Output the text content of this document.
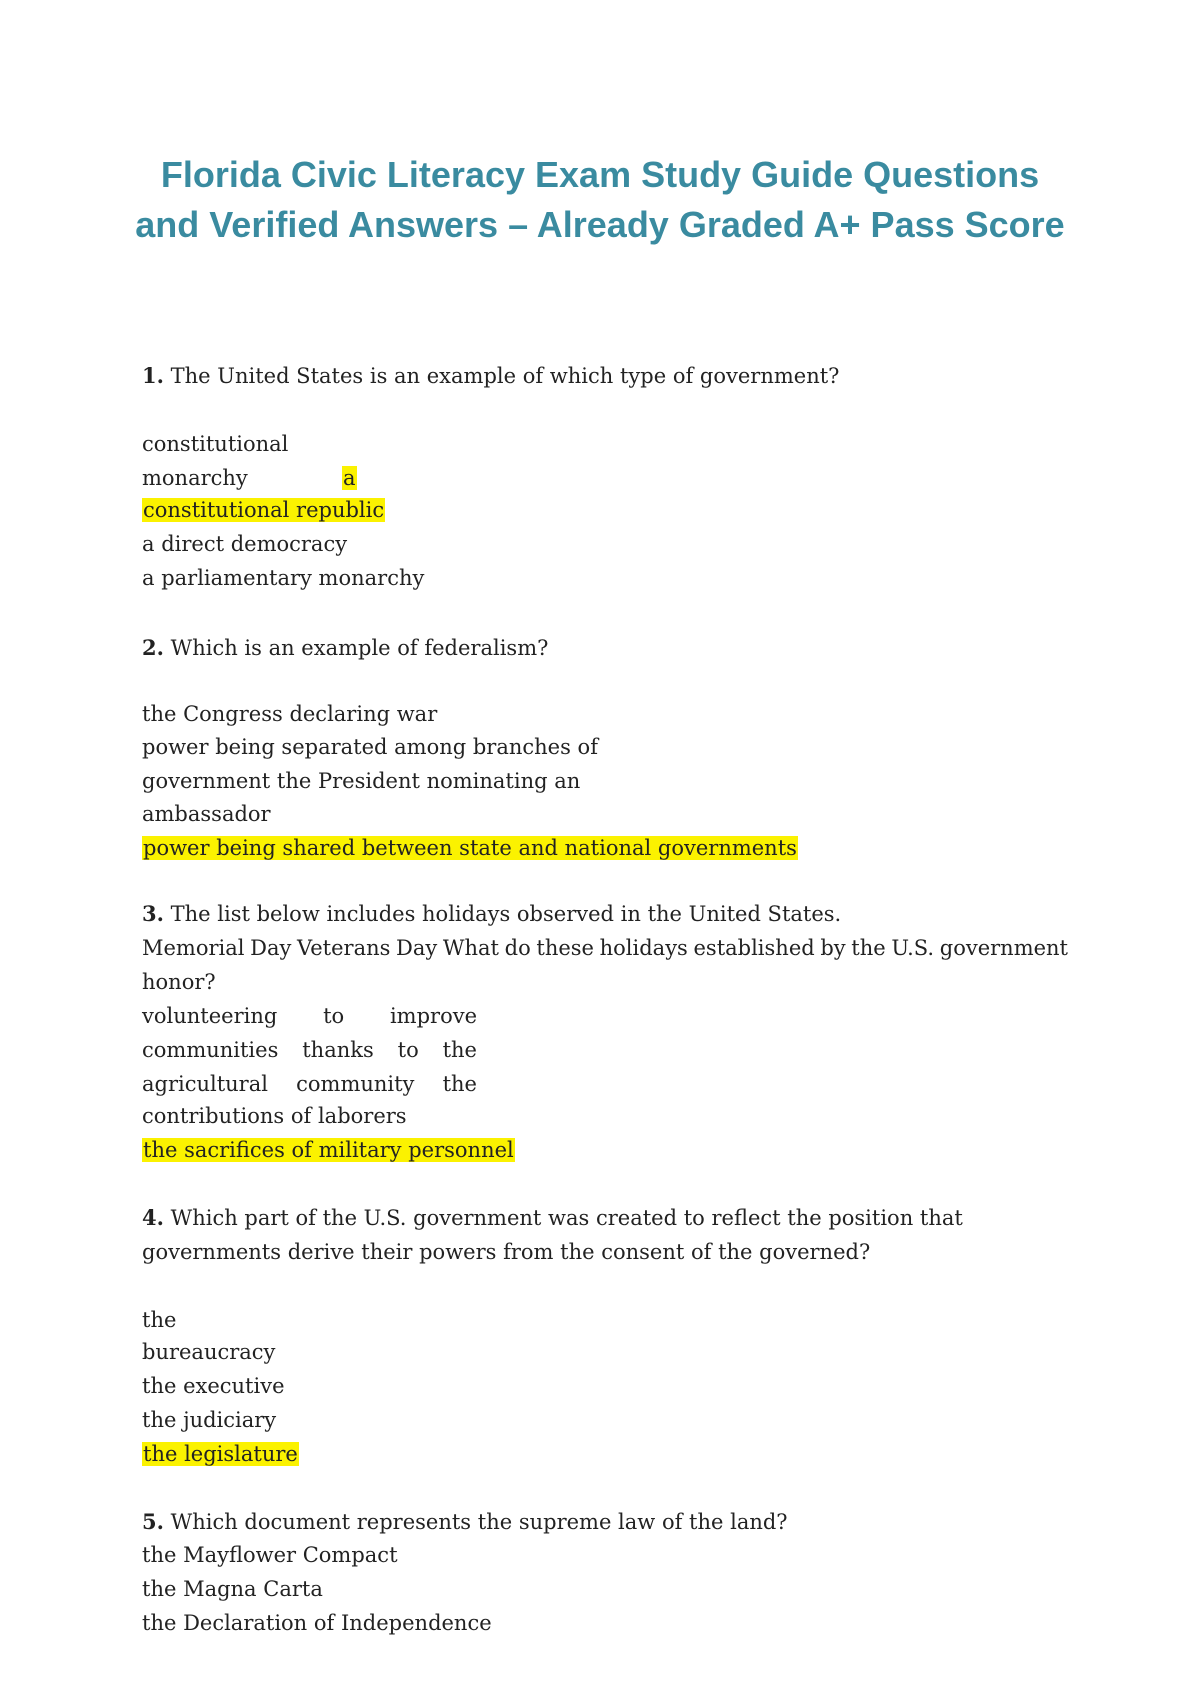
Florida Civic Literacy Exam Study Guide Questions
and Verified Answers – Already Graded A+ Pass Score
1. The United States is an example of which type of government?
constitutional
monarchy	a
constitutional republic
a direct democracy
a parliamentary monarchy
2. Which is an example of federalism?
the Congress declaring war
power being separated among branches of
government the President nominating an
ambassador
power being shared between state and national governments
3. The list below includes holidays observed in the United States.
Memorial Day Veterans Day What do these holidays established by the U.S. government
honor?
volunteering to improve
communities thanks to the
agricultural community the
contributions of laborers
the sacrifices of military personnel
4. Which part of the U.S. government was created to reflect the position that
governments derive their powers from the consent of the governed?
the
bureaucracy
the executive
the judiciary
the legislature
5. Which document represents the supreme law of the land?
the Mayflower Compact
the Magna Carta
the Declaration of Independence
